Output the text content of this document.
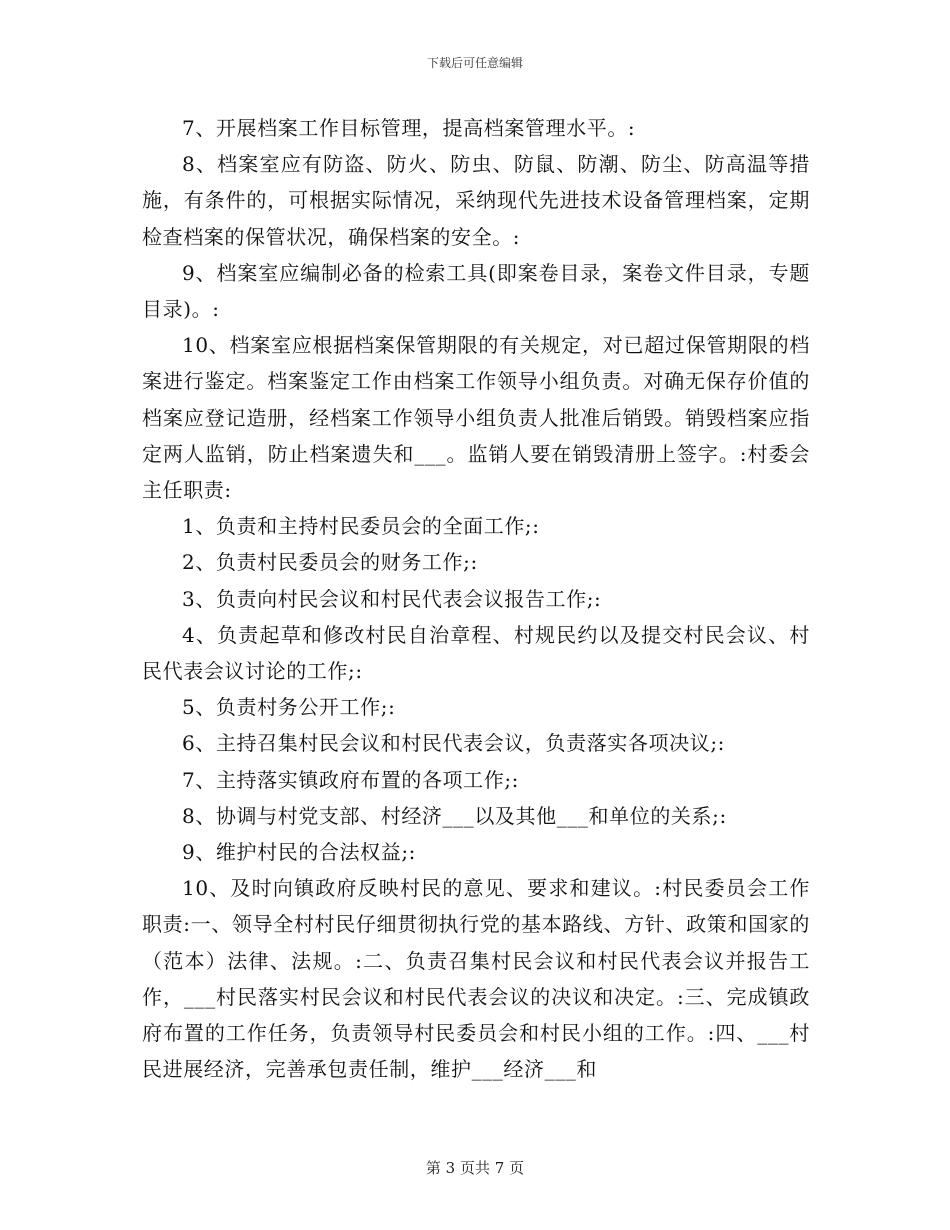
下载后可任意编辑

7、开展档案工作目标管理，提高档案管理水平。:

8、档案室应有防盗、防火、防虫、防鼠、防潮、防尘、防高温等措施，有条件的，可根据实际情况，采纳现代先进技术设备管理档案，定期检查档案的保管状况，确保档案的安全。:

9、档案室应编制必备的检索工具(即案卷目录，案卷文件目录，专题目录)。:

10、档案室应根据档案保管期限的有关规定，对已超过保管期限的档案进行鉴定。档案鉴定工作由档案工作领导小组负责。对确无保存价值的档案应登记造册，经档案工作领导小组负责人批准后销毁。销毁档案应指定两人监销，防止档案遗失和___。监销人要在销毁清册上签字。:村委会主任职责:

1、负责和主持村民委员会的全面工作;:

2、负责村民委员会的财务工作;:

3、负责向村民会议和村民代表会议报告工作;:

4、负责起草和修改村民自治章程、村规民约以及提交村民会议、村民代表会议讨论的工作;:

5、负责村务公开工作;:

6、主持召集村民会议和村民代表会议，负责落实各项决议;:

7、主持落实镇政府布置的各项工作;:

8、协调与村党支部、村经济___以及其他___和单位的关系;:

9、维护村民的合法权益;:

10、及时向镇政府反映村民的意见、要求和建议。:村民委员会工作职责:一、领导全村村民仔细贯彻执行党的基本路线、方针、政策和国家的（范本）法律、法规。:二、负责召集村民会议和村民代表会议并报告工作，___村民落实村民会议和村民代表会议的决议和决定。:三、完成镇政府布置的工作任务，负责领导村民委员会和村民小组的工作。:四、___村民进展经济，完善承包责任制，维护___经济___和

第 3 页共 7 页
